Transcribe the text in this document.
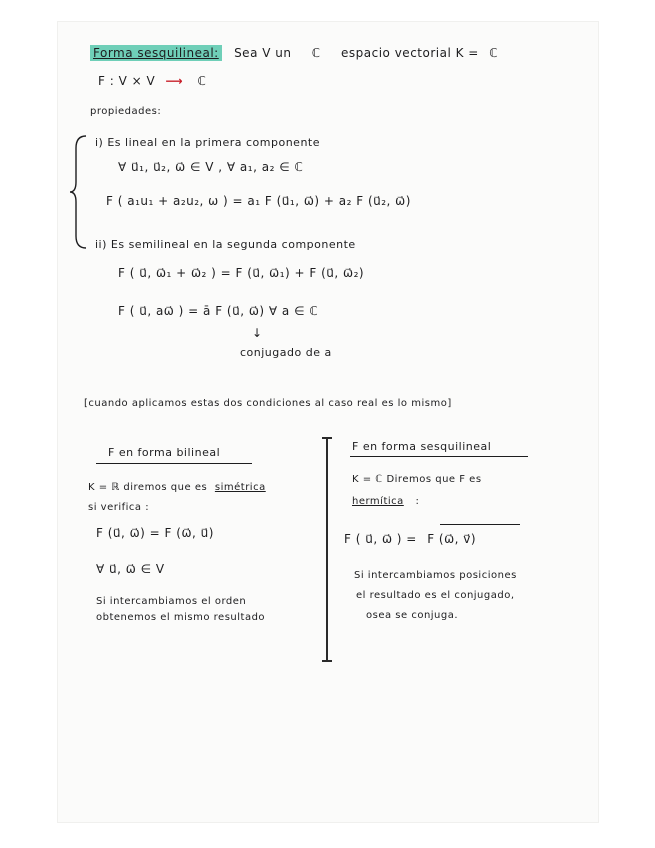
Forma sesquilineal: Sea V un ℂ espacio vectorial K = ℂ
F : V × V ⟶ ℂ
propiedades:
i) Es lineal en la primera componente
∀ u⃗₁, u⃗₂, ω⃗ ∈ V , ∀ a₁, a₂ ∈ ℂ
F ( a₁u₁ + a₂u₂, ω ) = a₁ F (u⃗₁, ω⃗) + a₂ F (u⃗₂, ω⃗)
ii) Es semilineal en la segunda componente
F ( u⃗, ω⃗₁ + ω⃗₂ ) = F (u⃗, ω⃗₁) + F (u⃗, ω⃗₂)
F ( u⃗, aω⃗ ) = ā F (u⃗, ω⃗) ∀ a ∈ ℂ
↓
conjugado de a
[cuando aplicamos estas dos condiciones al caso real es lo mismo]
F en forma bilineal
K = ℝ diremos que es simétrica
si verifica :
F (u⃗, ω⃗) = F (ω⃗, u⃗)
∀ u⃗, ω⃗ ∈ V
Si intercambiamos el orden
obtenemos el mismo resultado
F en forma sesquilineal
K = ℂ Diremos que F es
hermítica :
F ( u⃗, ω⃗ ) = F (ω⃗, v⃗)
Si intercambiamos posiciones
el resultado es el conjugado,
osea se conjuga.
